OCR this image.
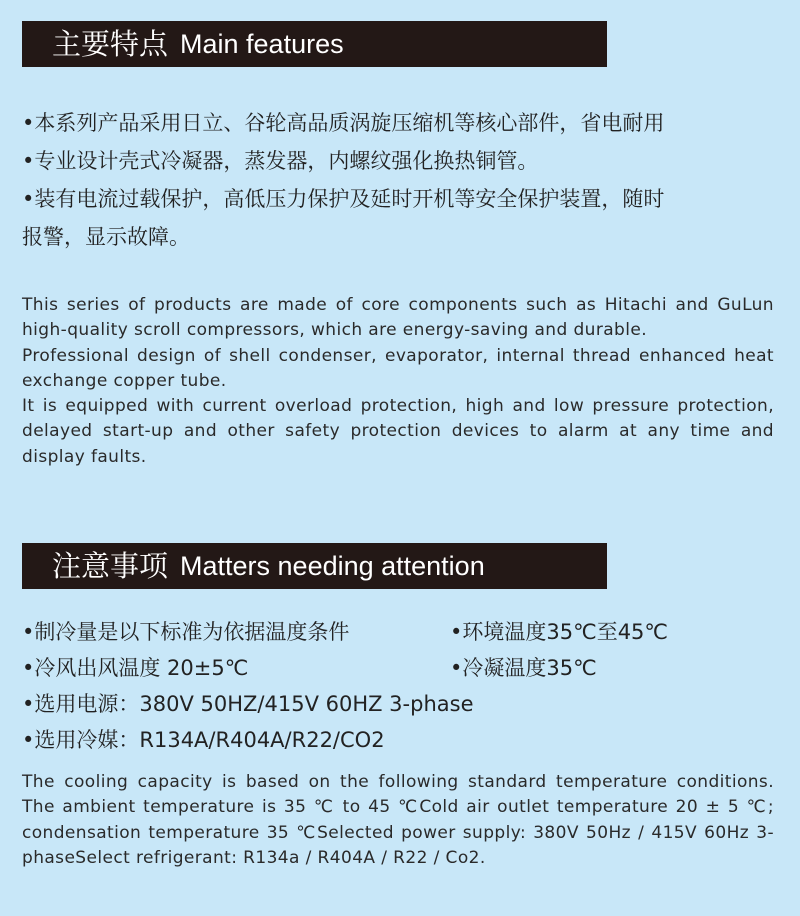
主要特点 Main features
•本系列产品采用日立、谷轮高品质涡旋压缩机等核心部件，省电耐用
•专业设计壳式冷凝器，蒸发器，内螺纹强化换热铜管。
•装有电流过载保护，高低压力保护及延时开机等安全保护装置，随时
报警，显示故障。
This series of products are made of core components such as Hitachi and GuLun high-quality scroll compressors, which are energy-saving and durable.
Professional design of shell condenser, evaporator, internal thread enhanced heat exchange copper tube.
It is equipped with current overload protection, high and low pressure protection, delayed start-up and other safety protection devices to alarm at any time and display faults.
注意事项 Matters needing attention
•制冷量是以下标准为依据温度条件	•环境温度35℃至45℃
•冷风出风温度 20±5℃	•冷凝温度35℃
•选用电源：380V 50HZ/415V 60HZ 3-phase
•选用冷媒：R134A/R404A/R22/CO2
The cooling capacity is based on the following standard temperature conditions. The ambient temperature is 35 ℃ to 45 ℃Cold air outlet temperature 20 ± 5 ℃; condensation temperature 35 ℃Selected power supply: 380V 50Hz / 415V 60Hz 3-phaseSelect refrigerant: R134a / R404A / R22 / Co2.
